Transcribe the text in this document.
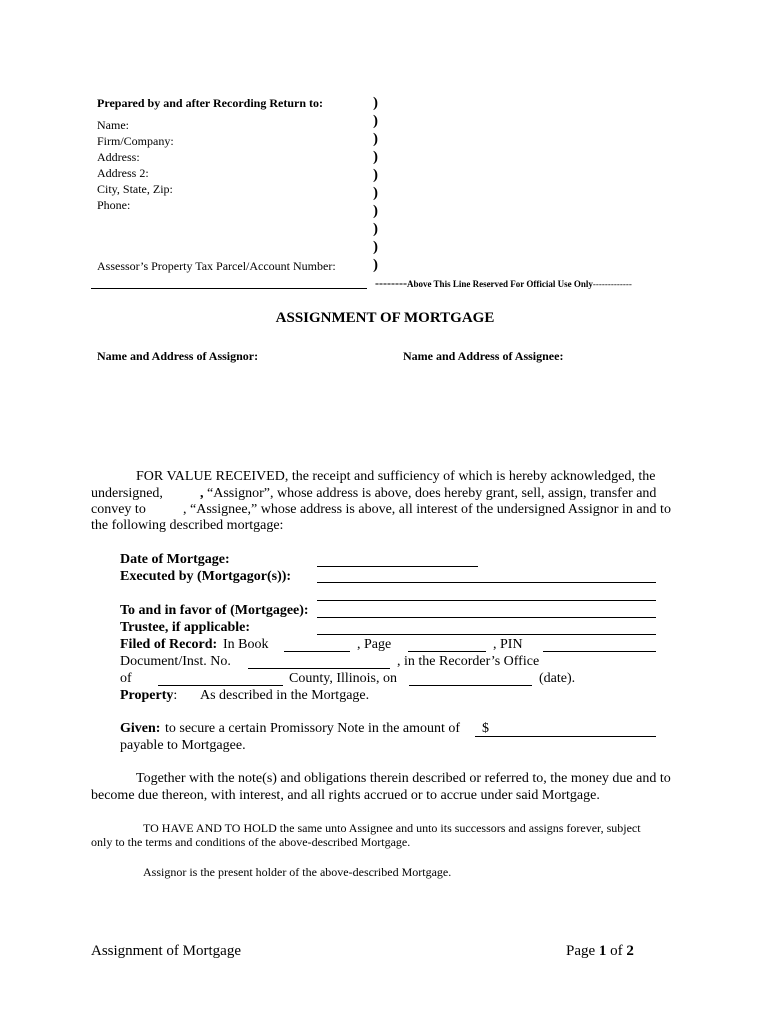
Prepared by and after Recording Return to:
Name:
Firm/Company:
Address:
Address 2:
City, State, Zip:
Phone:
)
)
)
)
)
)
)
)
)
)
Assessor’s Property Tax Parcel/Account Number:
--------Above This Line Reserved For Official Use Only-------------
ASSIGNMENT OF MORTGAGE
Name and Address of Assignor:	Name and Address of Assignee:
FOR VALUE RECEIVED, the receipt and sufficiency of which is hereby acknowledged, the
undersigned,	, “Assignor”, whose address is above, does hereby grant, sell, assign, transfer and
convey to	, “Assignee,” whose address is above, all interest of the undersigned Assignor in and to
the following described mortgage:
Date of Mortgage:
Executed by (Mortgagor(s)):
To and in favor of (Mortgagee):
Trustee, if applicable:
Filed of Record: In Book	, Page	, PIN
Document/Inst. No.	, in the Recorder’s Office
of	County, Illinois, on	(date).
Property: As described in the Mortgage.
Given: to secure a certain Promissory Note in the amount of $
payable to Mortgagee.
Together with the note(s) and obligations therein described or referred to, the money due and to
become due thereon, with interest, and all rights accrued or to accrue under said Mortgage.
TO HAVE AND TO HOLD the same unto Assignee and unto its successors and assigns forever, subject
only to the terms and conditions of the above-described Mortgage.
Assignor is the present holder of the above-described Mortgage.
Assignment of Mortgage	Page 1 of 2
